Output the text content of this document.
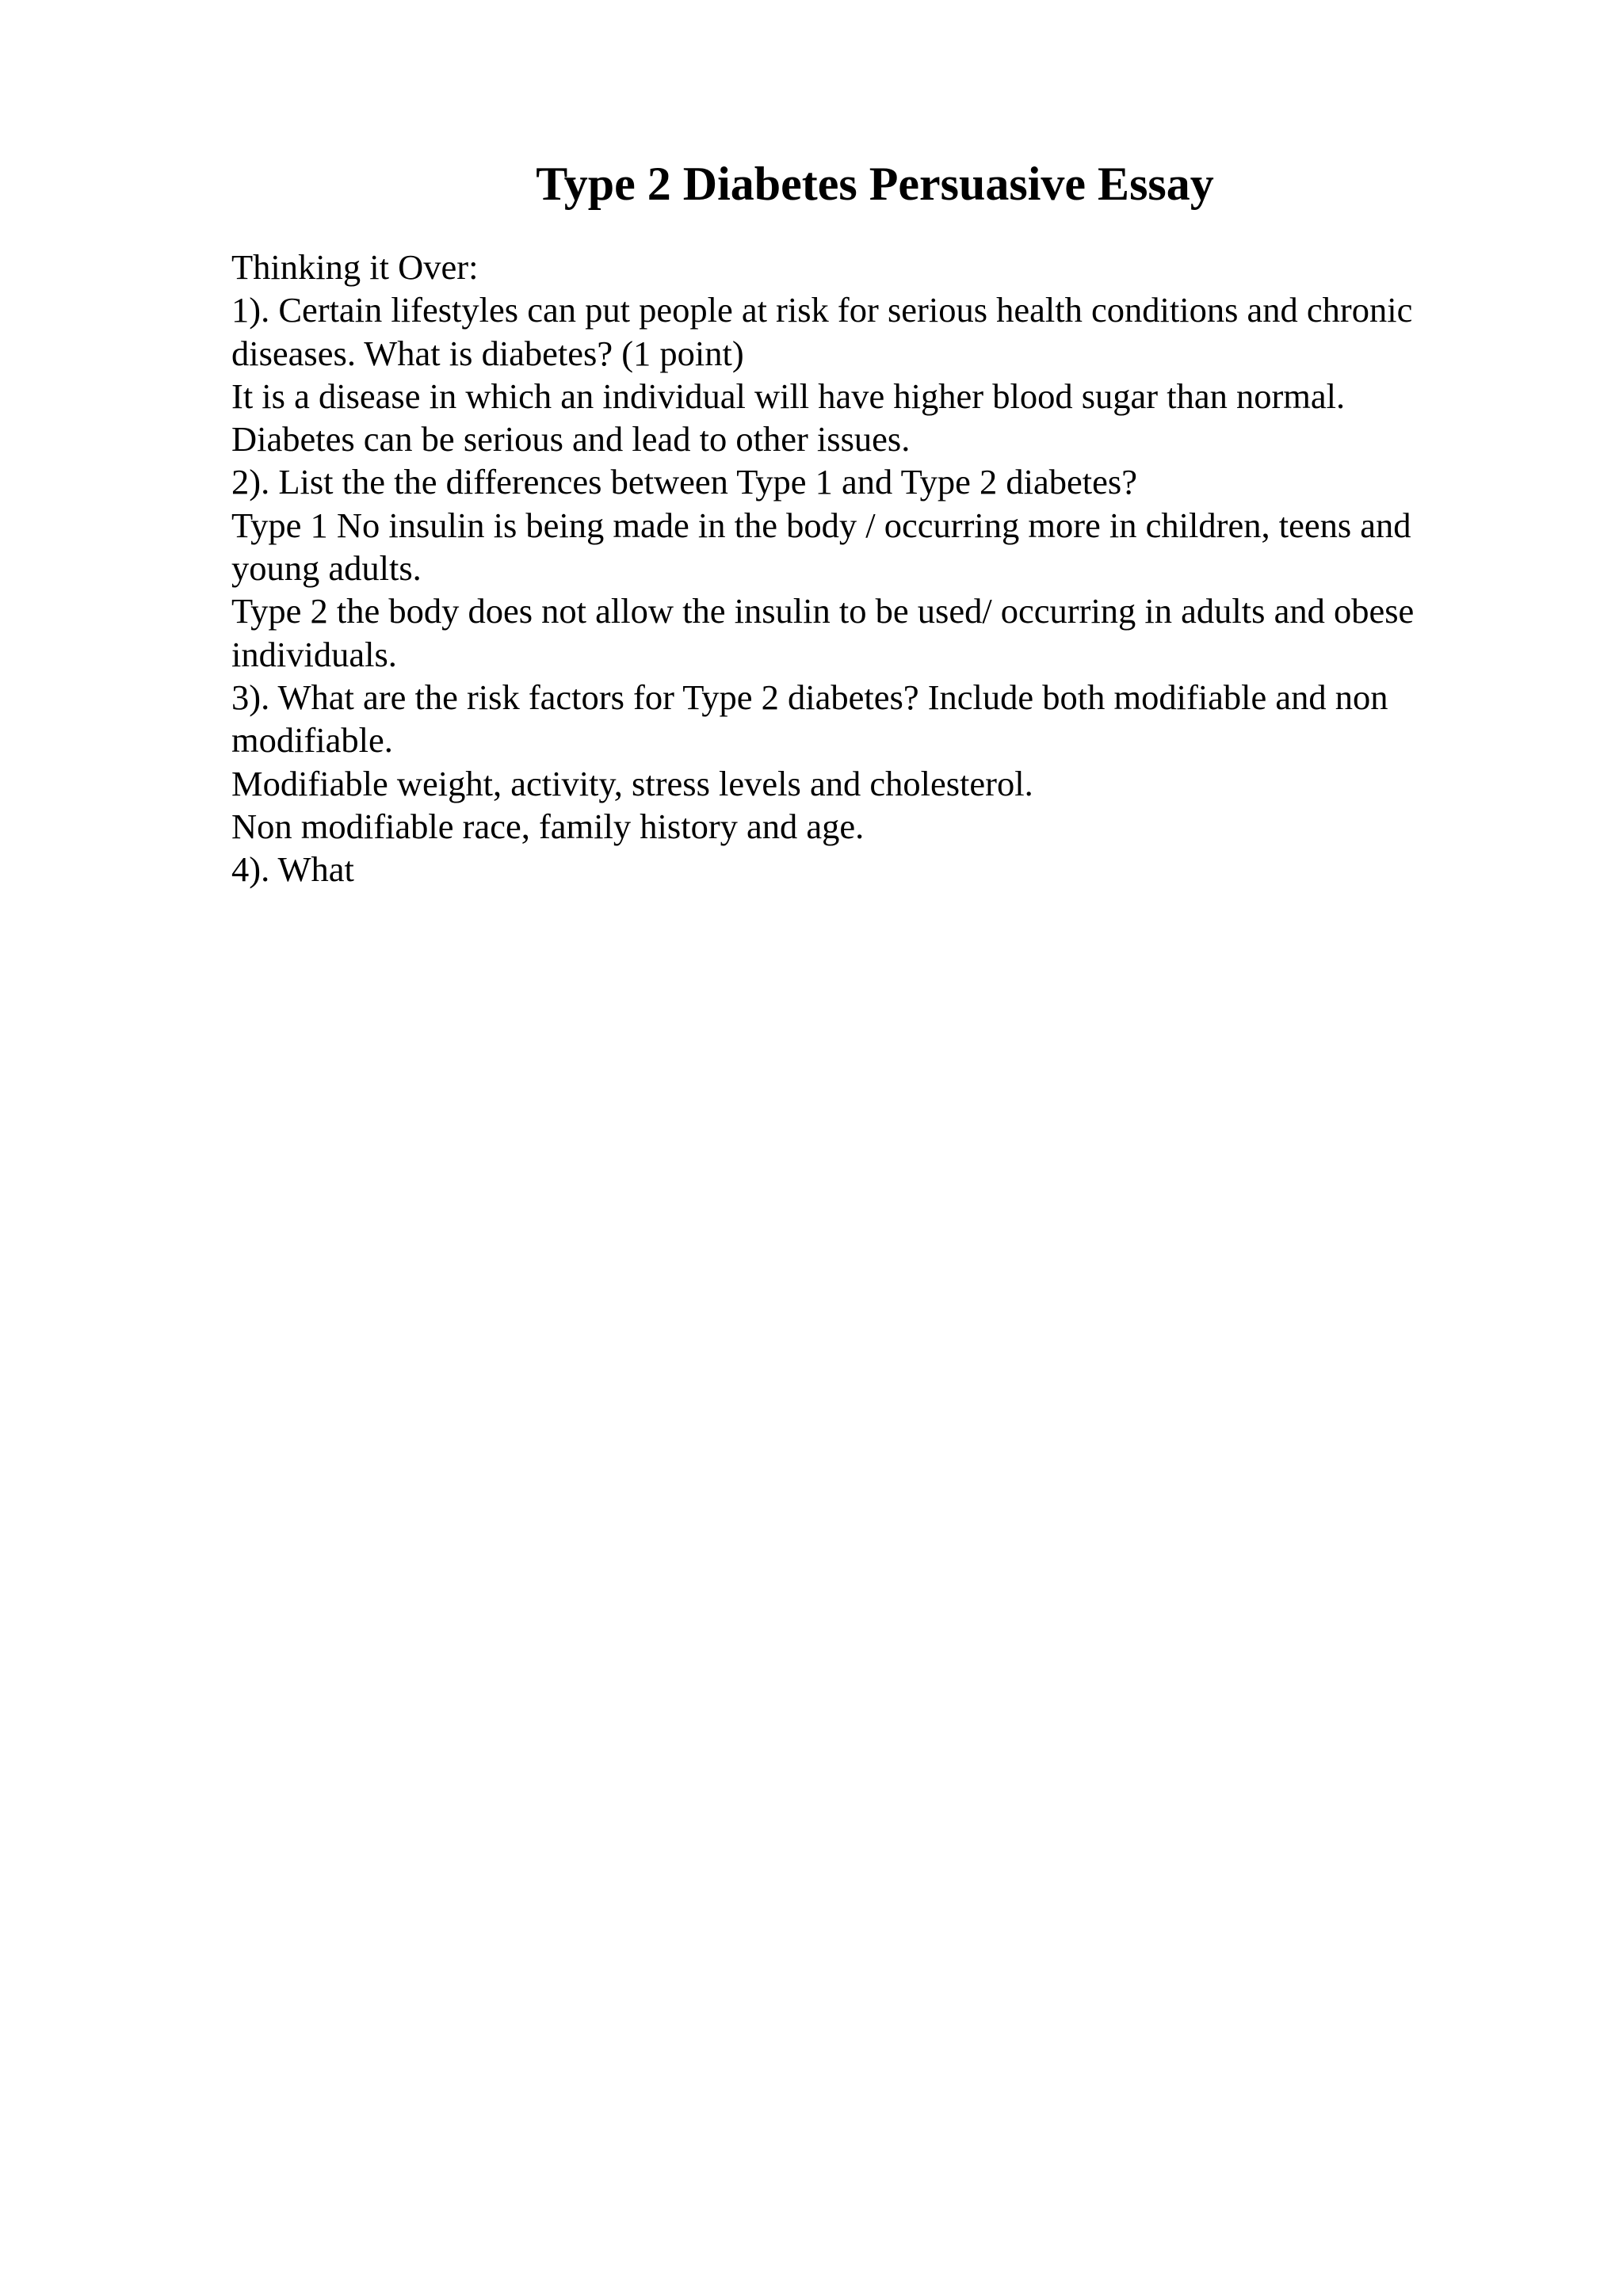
Type 2 Diabetes Persuasive Essay
Thinking it Over:
1). Certain lifestyles can put people at risk for serious health conditions and chronic
diseases. What is diabetes? (1 point)
It is a disease in which an individual will have higher blood sugar than normal.
Diabetes can be serious and lead to other issues.
2). List the the differences between Type 1 and Type 2 diabetes?
Type 1 No insulin is being made in the body / occurring more in children, teens and
young adults.
Type 2 the body does not allow the insulin to be used/ occurring in adults and obese
individuals.
3). What are the risk factors for Type 2 diabetes? Include both modifiable and non
modifiable.
Modifiable weight, activity, stress levels and cholesterol.
Non modifiable race, family history and age.
4). What
